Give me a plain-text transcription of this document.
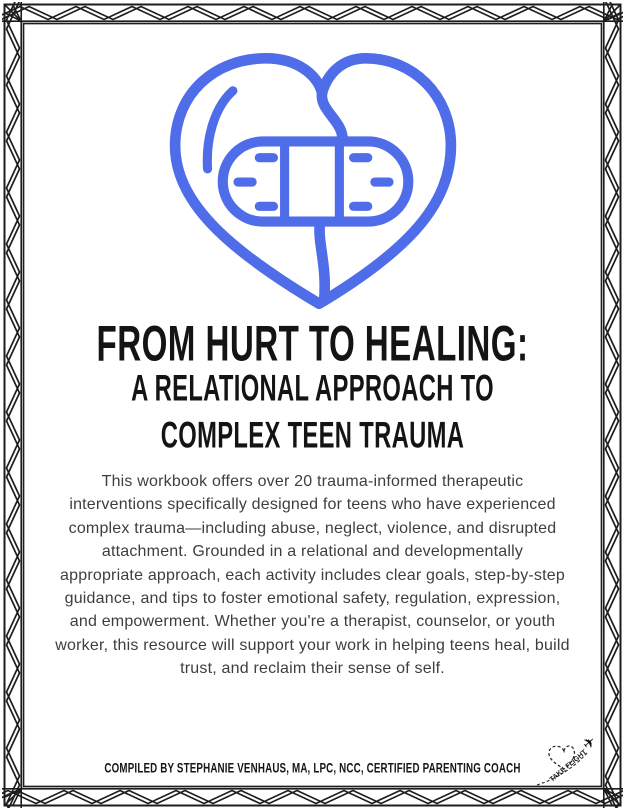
FROM HURT TO HEALING:
A RELATIONAL APPROACH TO
COMPLEX TEEN TRAUMA
This workbook offers over 20 trauma-informed therapeutic
interventions specifically designed for teens who have experienced
complex trauma—including abuse, neglect, violence, and disrupted
attachment. Grounded in a relational and developmentally
appropriate approach, each activity includes clear goals, step-by-step
guidance, and tips to foster emotional safety, regulation, expression,
and empowerment. Whether you're a therapist, counselor, or youth
worker, this resource will support your work in helping teens heal, build
trust, and reclaim their sense of self.
COMPILED BY STEPHANIE VENHAUS, MA, LPC, NCC, CERTIFIED PARENTING COACH	TAKE FLIGHT
✈
